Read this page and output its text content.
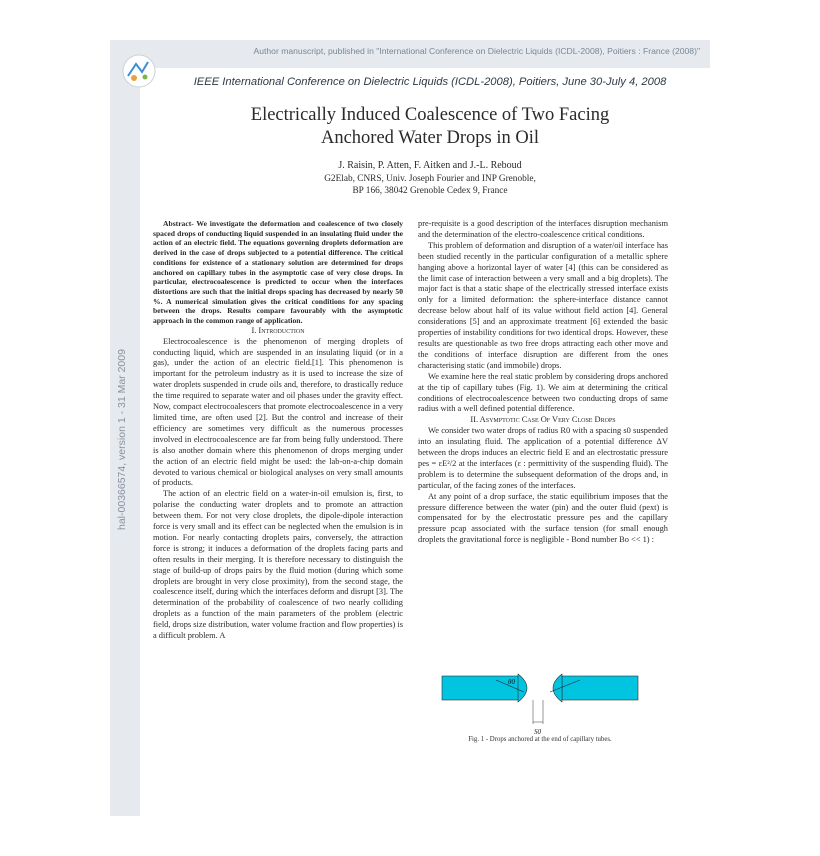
Author manuscript, published in "International Conference on Dielectric Liquids (ICDL-2008), Poitiers : France (2008)"
IEEE International Conference on Dielectric Liquids (ICDL-2008), Poitiers, June 30-July 4, 2008
hal-00366574, version 1 - 31 Mar 2009
Electrically Induced Coalescence of Two Facing
Anchored Water Drops in Oil
J. Raisin, P. Atten, F. Aitken and J.-L. Reboud
G2Elab, CNRS, Univ. Joseph Fourier and INP Grenoble,
BP 166, 38042 Grenoble Cedex 9, France

Abstract- We investigate the deformation and coalescence of two closely spaced drops of conducting liquid suspended in an insulating fluid under the action of an electric field. The equations governing droplets deformation are derived in the case of drops subjected to a potential difference. The critical conditions for existence of a stationary solution are determined for drops anchored on capillary tubes in the asymptotic case of very close drops. In particular, electrocoalescence is predicted to occur when the interfaces distortions are such that the initial drops spacing has decreased by nearly 50 %. A numerical simulation gives the critical conditions for any spacing between the drops. Results compare favourably with the asymptotic approach in the common range of application.

I. Introduction

Electrocoalescence is the phenomenon of merging droplets of conducting liquid, which are suspended in an insulating liquid (or in a gas), under the action of an electric field.[1]. This phenomenon is important for the petroleum industry as it is used to increase the size of water droplets suspended in crude oils and, therefore, to drastically reduce the time required to separate water and oil phases under the gravity effect. Now, compact electrocoalescers that promote electrocoalescence in a very limited time, are often used [2]. But the control and increase of their efficiency are sometimes very difficult as the numerous processes involved in electrocoalescence are far from being fully understood. There is also another domain where this phenomenon of drops merging under the action of an electric field might be used: the lab-on-a-chip domain devoted to various chemical or biological analyses on very small amounts of products.

The action of an electric field on a water-in-oil emulsion is, first, to polarise the conducting water droplets and to promote an attraction between them. For not very close droplets, the dipole-dipole interaction force is very small and its effect can be neglected when the emulsion is in motion. For nearly contacting droplets pairs, conversely, the attraction force is strong; it induces a deformation of the droplets facing parts and often results in their merging. It is therefore necessary to distinguish the stage of build-up of drops pairs by the fluid motion (during which some droplets are brought in very close proximity), from the second stage, the coalescence itself, during which the interfaces deform and disrupt [3]. The determination of the probability of coalescence of two nearly colliding droplets as a function of the main parameters of the problem (electric field, drops size distribution, water volume fraction and flow properties) is a difficult problem. A

pre-requisite is a good description of the interfaces disruption mechanism and the determination of the electro-coalescence critical conditions.

This problem of deformation and disruption of a water/oil interface has been studied recently in the particular configuration of a metallic sphere hanging above a horizontal layer of water [4] (this can be considered as the limit case of interaction between a very small and a big droplets). The major fact is that a static shape of the electrically stressed interface exists only for a limited deformation: the sphere-interface distance cannot decrease below about half of its value without field action [4]. General considerations [5] and an approximate treatment [6] extended the basic properties of instability conditions for two identical drops. However, these results are questionable as two free drops attracting each other move and the conditions of interface disruption are different from the ones characterising static (and immobile) drops.

We examine here the real static problem by considering drops anchored at the tip of capillary tubes (Fig. 1). We aim at determining the critical conditions of electrocoalescence between two conducting drops of same radius with a well defined potential difference.

II. Asymptotic Case Of Very Close Drops

We consider two water drops of radius R0 with a spacing s0 suspended into an insulating fluid. The application of a potential difference ΔV between the drops induces an electric field E and an electrostatic pressure pes = εE²/2 at the interfaces (ε : permittivity of the suspending fluid). The problem is to determine the subsequent deformation of the drops and, in particular, of the facing zones of the interfaces.

At any point of a drop surface, the static equilibrium imposes that the pressure difference between the water (pin) and the outer fluid (pext) is compensated for by the electrostatic pressure pes and the capillary pressure pcap associated with the surface tension (for small enough droplets the gravitational force is negligible - Bond number Bo << 1) :

θ0
S0
Fig. 1 - Drops anchored at the end of capillary tubes.
